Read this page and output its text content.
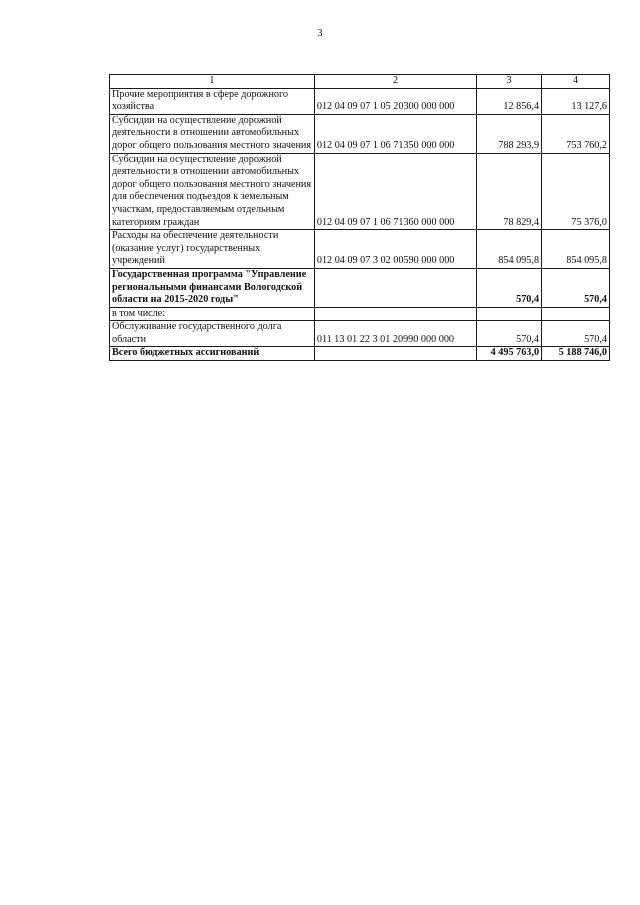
3
1	2	3	4
Прочие мероприятия в сфере дорожного хозяйства	012 04 09 07 1 05 20300 000 000	12 856,4	13 127,6
Субсидии на осуществление дорожной деятельности в отношении автомобильных дорог общего пользования местного значения	012 04 09 07 1 06 71350 000 000	788 293,9	753 760,2
Субсидии на осуществление дорожной деятельности в отношении автомобильных дорог общего пользования местного значения для обеспечения подъездов к земельным участкам, предоставляемым отдельным категориям граждан	012 04 09 07 1 06 71360 000 000	78 829,4	75 376,0
Расходы на обеспечение деятельности (оказание услуг) государственных учреждений	012 04 09 07 3 02 00590 000 000	854 095,8	854 095,8
Государственная программа "Управление региональными финансами Вологодской области на 2015-2020 годы"		570,4	570,4
в том числе:			
Обслуживание государственного долга области	011 13 01 22 3 01 20990 000 000	570,4	570,4
Всего бюджетных ассигнований		4 495 763,0	5 188 746,0
